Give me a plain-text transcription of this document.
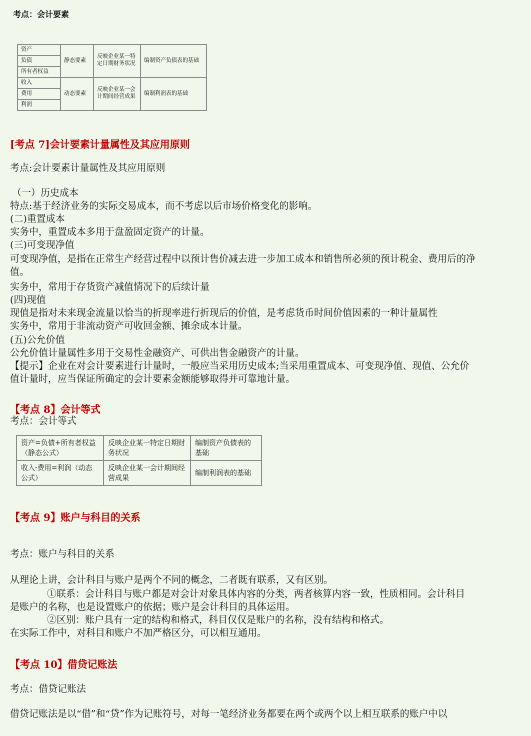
考点：会计要素
资产	静态要素	反映企业某一特定日期财务状况	编制资产负债表的基础
负债			
所有者权益			
收入	动态要素	反映企业某一会计期间经营成果	编制利润表的基础
费用			
利润			
[考点 7]会计要素计量属性及其应用原则
考点:会计要素计量属性及其应用原则
（一）历史成本
特点:基于经济业务的实际交易成本，而不考虑以后市场价格变化的影响。
(二)重置成本
实务中，重置成本多用于盘盈固定资产的计量。
(三)可变现净值
可变现净值，是指在正常生产经营过程中以预计售价减去进一步加工成本和销售所必须的预计税金、费用后的净
值。
实务中，常用于存货资产减值情况下的后续计量
(四)现值
现值是指对未来现金流量以恰当的折现率进行折现后的价值，是考虑货币时间价值因素的一种计量属性
实务中，常用于非流动资产可收回金额、摊余成本计量。
(五)公允价值
公允价值计量属性多用于交易性金融资产、可供出售金融资产的计量。
【提示】企业在对会计要素进行计量时，一般应当采用历史成本;当采用重置成本、可变现净值、现值、公允价
值计量时，应当保证所确定的会计要素金额能够取得并可靠地计量。
【考点 8】会计等式
考点：会计等式
资产=负债+所有者权益（静态公式）	反映企业某一特定日期财务状况	编制资产负债表的基础
收入-费用=利润（动态公式）	反映企业某一会计期间经营成果	编制利润表的基础
【考点 9】账户与科目的关系
考点：账户与科目的关系
从理论上讲，会计科目与账户是两个不同的概念，二者既有联系，又有区别。
①联系：会计科目与账户都是对会计对象具体内容的分类，两者核算内容一致，性质相同。会计科目
是账户的名称，也是设置账户的依据；账户是会计科目的具体运用。
②区别：账户具有一定的结构和格式，科目仅仅是账户的名称，没有结构和格式。
在实际工作中，对科目和账户不加严格区分，可以相互通用。
【考点 10】借贷记账法
考点：借贷记账法
借贷记账法是以“借”和“贷”作为记账符号，对每一笔经济业务都要在两个或两个以上相互联系的账户中以
